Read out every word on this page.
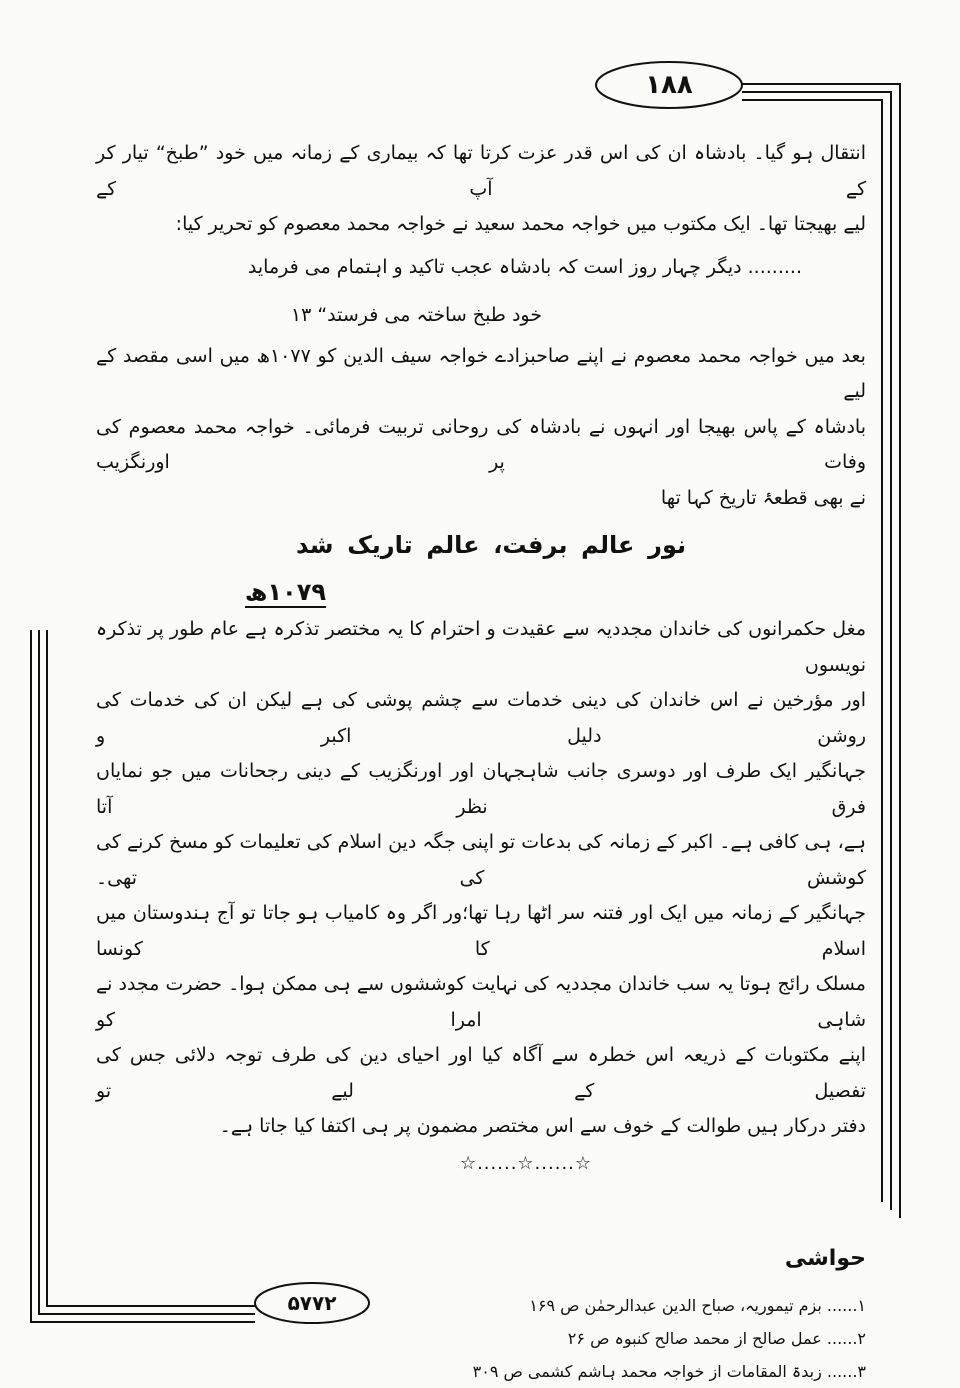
۱۸۸
۵۷۷۲

انتقال ہو گیا۔ بادشاہ ان کی اس قدر عزت کرتا تھا کہ بیماری کے زمانہ میں خود ”طبخ“ تیار کر کے آپ کے
لیے بھیجتا تھا۔ ایک مکتوب میں خواجہ محمد سعید نے خواجہ محمد معصوم کو تحریر کیا:

......... دیگر چہار روز است کہ بادشاہ عجب تاکید و اہتمام می فرماید
خود طبخ ساختہ می فرستد“ ۱۳

بعد میں خواجہ محمد معصوم نے اپنے صاحبزادے خواجہ سیف الدین کو ۱۰۷۷ھ میں اسی مقصد کے لیے
بادشاہ کے پاس بھیجا اور انہوں نے بادشاہ کی روحانی تربیت فرمائی۔ خواجہ محمد معصوم کی وفات پر اورنگزیب
نے بھی قطعۂ تاریخ کہا تھا

نور
عالم
برفت،
عالم
تاریک
شد
۱۰۷۹ھ

مغل حکمرانوں کی خاندان مجددیہ سے عقیدت و احترام کا یہ مختصر تذکرہ ہے عام طور پر تذکرہ نویسوں
اور مؤرخین نے اس خاندان کی دینی خدمات سے چشم پوشی کی ہے لیکن ان کی خدمات کی روشن دلیل اکبر و
جہانگیر ایک طرف اور دوسری جانب شاہجہان اور اورنگزیب کے دینی رجحانات میں جو نمایاں فرق نظر آتا
ہے، ہی کافی ہے۔ اکبر کے زمانہ کی بدعات تو اپنی جگہ دین اسلام کی تعلیمات کو مسخ کرنے کی کوشش کی تھی۔
جہانگیر کے زمانہ میں ایک اور فتنہ سر اٹھا رہا تھا؛ور اگر وہ کامیاب ہو جاتا تو آج ہندوستان میں اسلام کا کونسا
مسلک رائج ہوتا یہ سب خاندان مجددیہ کی نہایت کوششوں سے ہی ممکن ہوا۔ حضرت مجدد نے شاہی امرا کو
اپنے مکتوبات کے ذریعہ اس خطرہ سے آگاہ کیا اور احیای دین کی طرف توجہ دلائی جس کی تفصیل کے لیے تو
دفتر درکار ہیں طوالت کے خوف سے اس مختصر مضمون پر ہی اکتفا کیا جاتا ہے۔

☆......☆......☆
حواشی
۱...... بزم تیموریہ، صباح الدین عبدالرحمٰن ص ۱۶۹
۲...... عمل صالح از محمد صالح کنبوہ ص ۲۶
۳...... زبدۃ المقامات از خواجہ محمد ہاشم کشمی ص ۳۰۹
